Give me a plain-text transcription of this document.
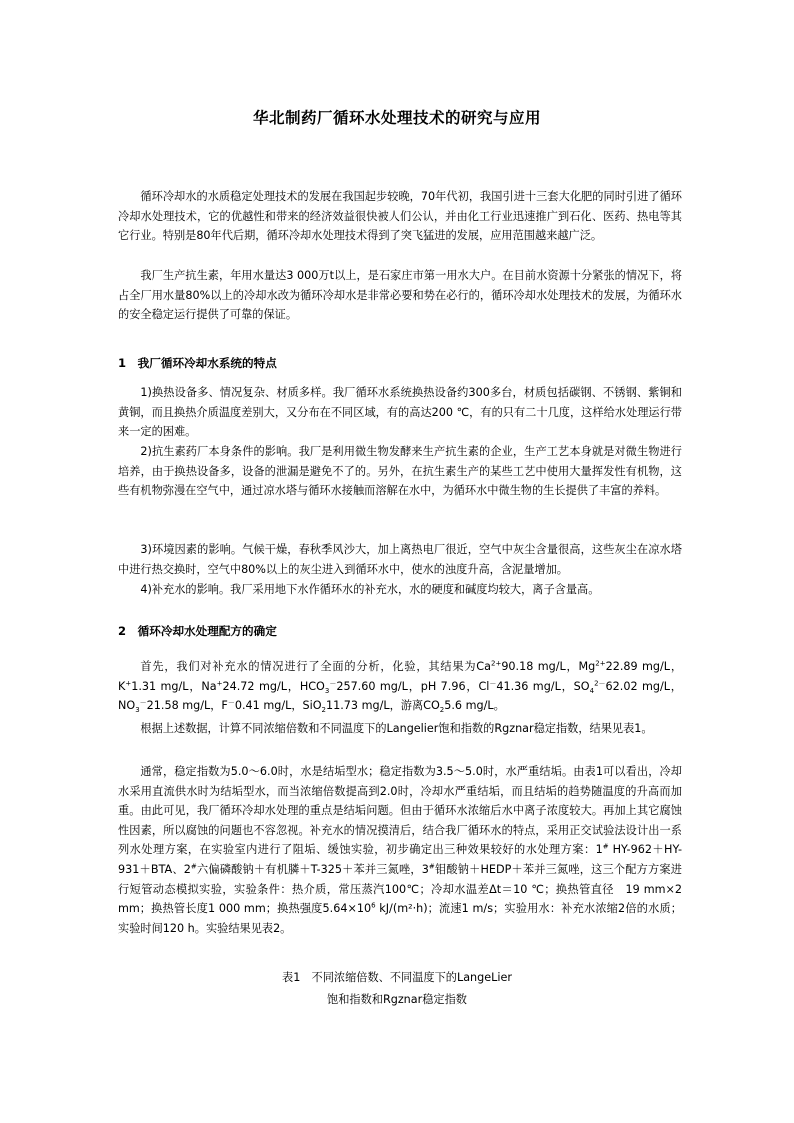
华北制药厂循环水处理技术的研究与应用

循环冷却水的水质稳定处理技术的发展在我国起步较晚，70年代初，我国引进十三套大化肥的同时引进了循环冷却水处理技术，它的优越性和带来的经济效益很快被人们公认，并由化工行业迅速推广到石化、医药、热电等其它行业。特别是80年代后期，循环冷却水处理技术得到了突飞猛进的发展，应用范围越来越广泛。

我厂生产抗生素，年用水量达3 000万t以上，是石家庄市第一用水大户。在目前水资源十分紧张的情况下，将占全厂用水量80%以上的冷却水改为循环冷却水是非常必要和势在必行的，循环冷却水处理技术的发展，为循环水的安全稳定运行提供了可靠的保证。

1　我厂循环冷却水系统的特点

1)换热设备多、情况复杂、材质多样。我厂循环水系统换热设备约300多台，材质包括碳钢、不锈钢、紫铜和黄铜，而且换热介质温度差别大，又分布在不同区域，有的高达200 ℃，有的只有二十几度，这样给水处理运行带来一定的困难。

2)抗生素药厂本身条件的影响。我厂是利用微生物发酵来生产抗生素的企业，生产工艺本身就是对微生物进行培养，由于换热设备多，设备的泄漏是避免不了的。另外，在抗生素生产的某些工艺中使用大量挥发性有机物，这些有机物弥漫在空气中，通过凉水塔与循环水接触而溶解在水中，为循环水中微生物的生长提供了丰富的养料。

3)环境因素的影响。气候干燥，春秋季风沙大，加上离热电厂很近，空气中灰尘含量很高，这些灰尘在凉水塔中进行热交换时，空气中80%以上的灰尘进入到循环水中，使水的浊度升高，含泥量增加。

4)补充水的影响。我厂采用地下水作循环水的补充水，水的硬度和碱度均较大，离子含量高。

2　循环冷却水处理配方的确定

首先，我们对补充水的情况进行了全面的分析，化验，其结果为$Ca^{2+}90.18$ mg/L，$Mg^{2+}22.89$ mg/L，K+1.31 mg/L，Na+24.72 mg/L，$HCO_3^-257.60$ mg/L，pH 7.96，Cl－41.36 mg/L，$SO_4^{2-}62.02$ mg/L，$NO_3^-21.58$ mg/L，F－0.41 mg/L，SiO$_2$11.73 mg/L，游离$CO_25.6$ mg/L。

根据上述数据，计算不同浓缩倍数和不同温度下的Langelier饱和指数的Rgznar稳定指数，结果见表1。

通常，稳定指数为5.0～6.0时，水是结垢型水；稳定指数为3.5～5.0时，水严重结垢。由表1可以看出，冷却水采用直流供水时为结垢型水，而当浓缩倍数提高到2.0时，冷却水严重结垢，而且结垢的趋势随温度的升高而加重。由此可见，我厂循环冷却水处理的重点是结垢问题。但由于循环水浓缩后水中离子浓度较大。再加上其它腐蚀性因素，所以腐蚀的问题也不容忽视。补充水的情况摸清后，结合我厂循环水的特点，采用正交试验法设计出一系列水处理方案，在实验室内进行了阻垢、缓蚀实验，初步确定出三种效果较好的水处理方案：1# HY-962＋HY-931＋BTA、2#六偏磷酸钠＋有机膦＋T-325＋苯并三氮唑，3#钼酸钠＋HEDP＋苯并三氮唑，这三个配方方案进行短管动态模拟实验，实验条件：热介质，常压蒸汽100℃；冷却水温差Δt＝10 ℃；换热管直径　19 mm×2 mm；换热管长度1 000 mm；换热强度$5.64\times 10^6$ kJ/(m²·h)；流速1 m/s；实验用水：补充水浓缩2倍的水质；实验时间120 h。实验结果见表2。

表1　不同浓缩倍数、不同温度下的LangeLier

饱和指数和Rgznar稳定指数
